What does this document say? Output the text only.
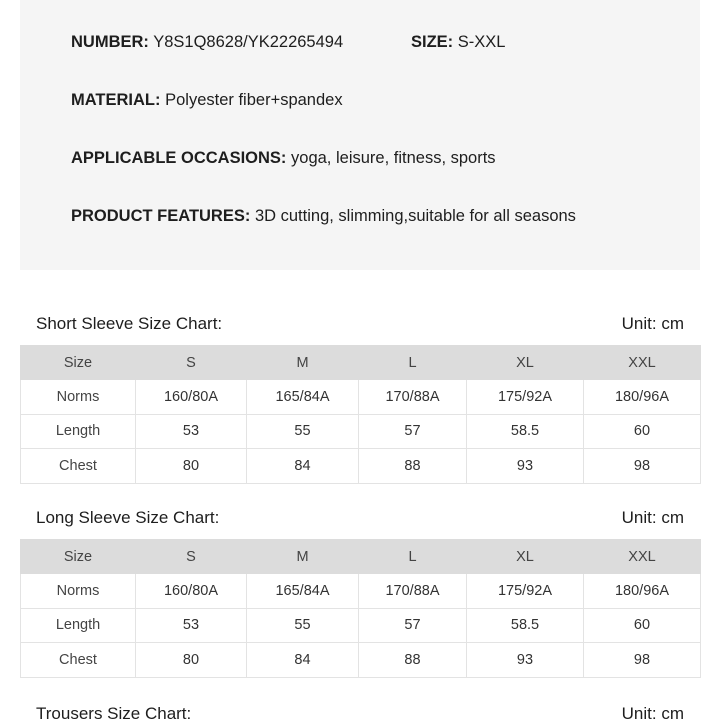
NUMBER: Y8S1Q8628/YK22265494	SIZE: S-XXL
MATERIAL: Polyester fiber+spandex
APPLICABLE OCCASIONS: yoga, leisure, fitness, sports
PRODUCT FEATURES: 3D cutting, slimming,suitable for all seasons
Short Sleeve Size Chart:	Unit: cm
Size	S	M	L	XL	XXL
Norms	160/80A	165/84A	170/88A	175/92A	180/96A
Length	53	55	57	58.5	60
Chest	80	84	88	93	98
Long Sleeve Size Chart:	Unit: cm
Size	S	M	L	XL	XXL
Norms	160/80A	165/84A	170/88A	175/92A	180/96A
Length	53	55	57	58.5	60
Chest	80	84	88	93	98
Trousers Size Chart:	Unit: cm
